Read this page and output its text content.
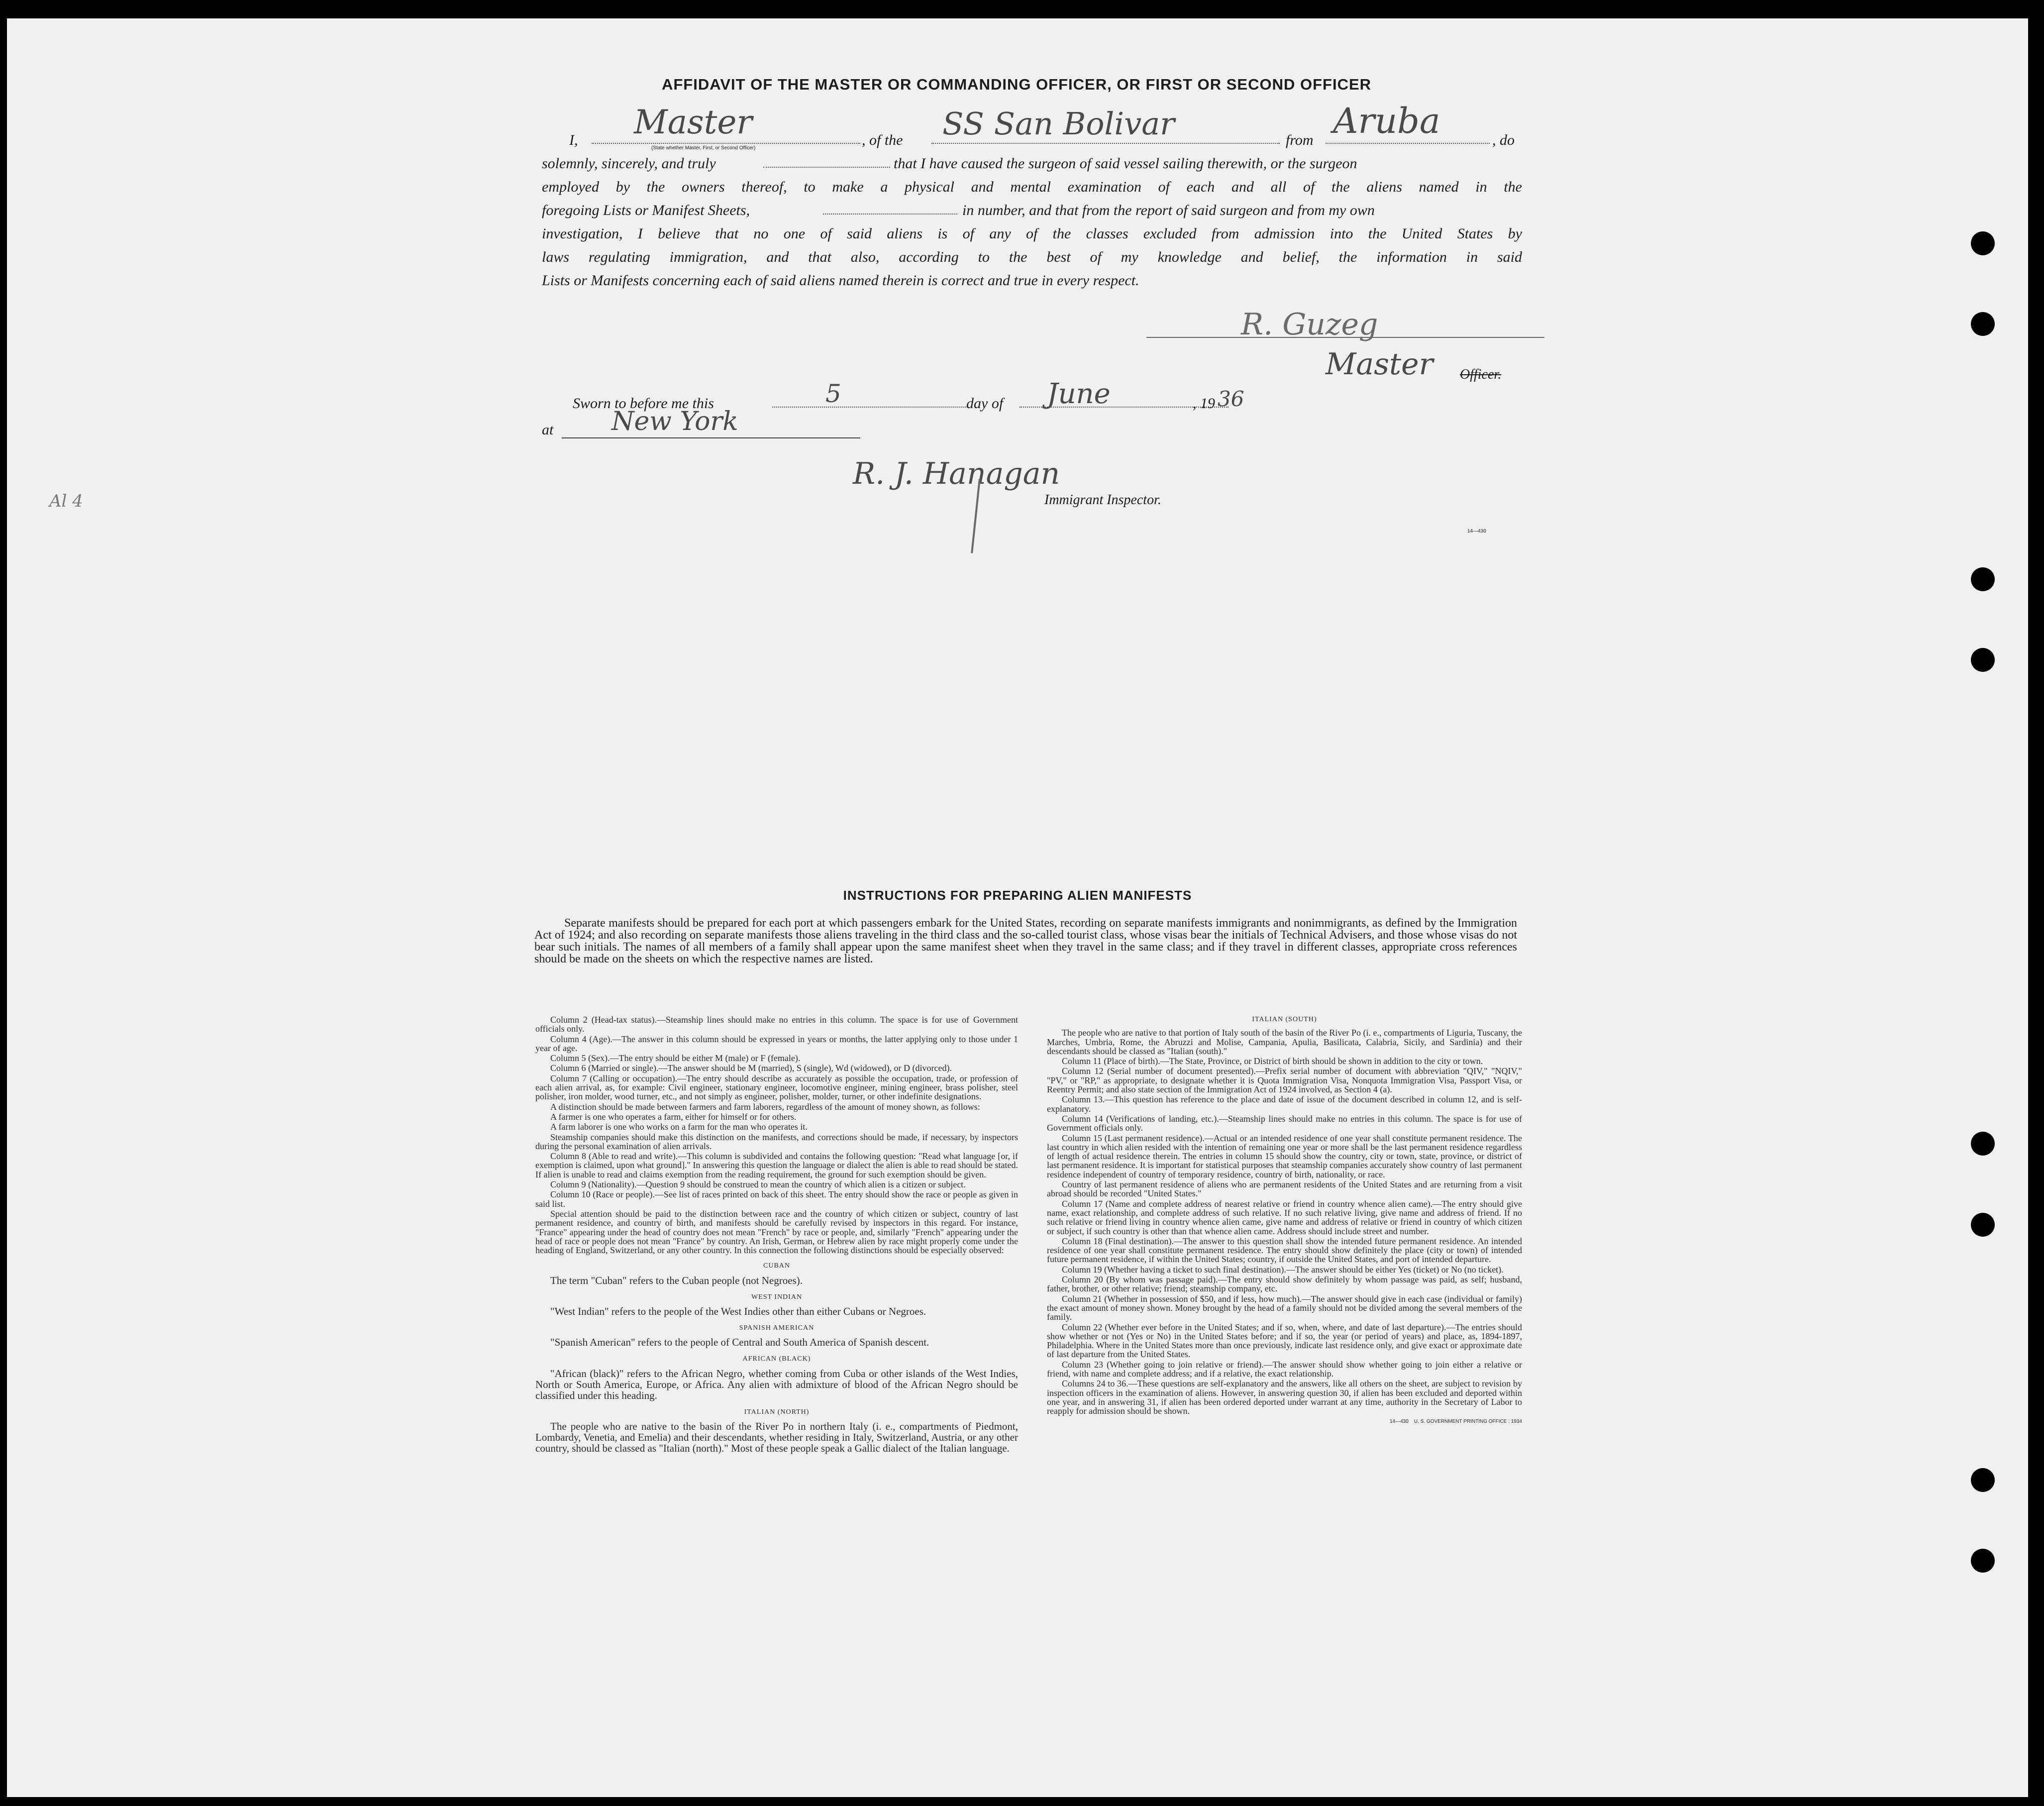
AFFIDAVIT OF THE MASTER OR COMMANDING OFFICER, OR FIRST OR SECOND OFFICER
I, Master
(State whether Master, First, or Second Officer)	, of the SS San Bolivar	from Aruba	, do
solemnly, sincerely, and truly	that I have caused the surgeon of said vessel sailing therewith, or the surgeon
employed by the owners thereof, to make a physical and mental examination of each and all of the aliens named in the
foregoing Lists or Manifest Sheets,	in number, and that from the report of said surgeon and from my own
investigation, I believe that no one of said aliens is of any of the classes excluded from admission into the United States by
laws regulating immigration, and that also, according to the best of my knowledge and belief, the information in said
Lists or Manifests concerning each of said aliens named therein is correct and true in every respect.
R. Guzeg
Master Officer.
Sworn to before me this	5	day of June	, 19 36
at New York
R. J. Hanagan
Immigrant Inspector.
14—430
Al 4
INSTRUCTIONS FOR PREPARING ALIEN MANIFESTS
Separate manifests should be prepared for each port at which passengers embark for the United States, recording on separate manifests immigrants and nonimmigrants, as defined by the Immigration Act of 1924; and also recording on separate manifests those aliens traveling in the third class and the so-called tourist class, whose visas bear the initials of Technical Advisers, and those whose visas do not bear such initials. The names of all members of a family shall appear upon the same manifest sheet when they travel in the same class; and if they travel in different classes, appropriate cross references should be made on the sheets on which the respective names are listed.

Column 2 (Head-tax status).—Steamship lines should make no entries in this column. The space is for use of Government officials only.

Column 4 (Age).—The answer in this column should be expressed in years or months, the latter applying only to those under 1 year of age.

Column 5 (Sex).—The entry should be either M (male) or F (female).

Column 6 (Married or single).—The answer should be M (married), S (single), Wd (widowed), or D (divorced).

Column 7 (Calling or occupation).—The entry should describe as accurately as possible the occupation, trade, or profession of each alien arrival, as, for example: Civil engineer, stationary engineer, locomotive engineer, mining engineer, brass polisher, steel polisher, iron molder, wood turner, etc., and not simply as engineer, polisher, molder, turner, or other indefinite designations.

A distinction should be made between farmers and farm laborers, regardless of the amount of money shown, as follows:

A farmer is one who operates a farm, either for himself or for others.

A farm laborer is one who works on a farm for the man who operates it.

Steamship companies should make this distinction on the manifests, and corrections should be made, if necessary, by inspectors during the personal examination of alien arrivals.

Column 8 (Able to read and write).—This column is subdivided and contains the following question: "Read what language [or, if exemption is claimed, upon what ground]." In answering this question the language or dialect the alien is able to read should be stated. If alien is unable to read and claims exemption from the reading requirement, the ground for such exemption should be given.

Column 9 (Nationality).—Question 9 should be construed to mean the country of which alien is a citizen or subject.

Column 10 (Race or people).—See list of races printed on back of this sheet. The entry should show the race or people as given in said list.

Special attention should be paid to the distinction between race and the country of which citizen or subject, country of last permanent residence, and country of birth, and manifests should be carefully revised by inspectors in this regard. For instance, "France" appearing under the head of country does not mean "French" by race or people, and, similarly "French" appearing under the head of race or people does not mean "France" by country. An Irish, German, or Hebrew alien by race might properly come under the heading of England, Switzerland, or any other country. In this connection the following distinctions should be especially observed:

CUBAN

The term "Cuban" refers to the Cuban people (not Negroes).

WEST INDIAN

"West Indian" refers to the people of the West Indies other than either Cubans or Negroes.

SPANISH AMERICAN

"Spanish American" refers to the people of Central and South America of Spanish descent.

AFRICAN (BLACK)

"African (black)" refers to the African Negro, whether coming from Cuba or other islands of the West Indies, North or South America, Europe, or Africa. Any alien with admixture of blood of the African Negro should be classified under this heading.

ITALIAN (NORTH)

The people who are native to the basin of the River Po in northern Italy (i. e., compartments of Piedmont, Lombardy, Venetia, and Emelia) and their descendants, whether residing in Italy, Switzerland, Austria, or any other country, should be classed as "Italian (north)." Most of these people speak a Gallic dialect of the Italian language.

ITALIAN (SOUTH)

The people who are native to that portion of Italy south of the basin of the River Po (i. e., compartments of Liguria, Tuscany, the Marches, Umbria, Rome, the Abruzzi and Molise, Campania, Apulia, Basilicata, Calabria, Sicily, and Sardinia) and their descendants should be classed as "Italian (south)."

Column 11 (Place of birth).—The State, Province, or District of birth should be shown in addition to the city or town.

Column 12 (Serial number of document presented).—Prefix serial number of document with abbreviation "QIV," "NQIV," "PV," or "RP," as appropriate, to designate whether it is Quota Immigration Visa, Nonquota Immigration Visa, Passport Visa, or Reentry Permit; and also state section of the Immigration Act of 1924 involved, as Section 4 (a).

Column 13.—This question has reference to the place and date of issue of the document described in column 12, and is self-explanatory.

Column 14 (Verifications of landing, etc.).—Steamship lines should make no entries in this column. The space is for use of Government officials only.

Column 15 (Last permanent residence).—Actual or an intended residence of one year shall constitute permanent residence. The last country in which alien resided with the intention of remaining one year or more shall be the last permanent residence regardless of length of actual residence therein. The entries in column 15 should show the country, city or town, state, province, or district of last permanent residence. It is important for statistical purposes that steamship companies accurately show country of last permanent residence independent of country of temporary residence, country of birth, nationality, or race.

Country of last permanent residence of aliens who are permanent residents of the United States and are returning from a visit abroad should be recorded "United States."

Column 17 (Name and complete address of nearest relative or friend in country whence alien came).—The entry should give name, exact relationship, and complete address of such relative. If no such relative living, give name and address of friend. If no such relative or friend living in country whence alien came, give name and address of relative or friend in country of which citizen or subject, if such country is other than that whence alien came. Address should include street and number.

Column 18 (Final destination).—The answer to this question shall show the intended future permanent residence. An intended residence of one year shall constitute permanent residence. The entry should show definitely the place (city or town) of intended future permanent residence, if within the United States; country, if outside the United States, and port of intended departure.

Column 19 (Whether having a ticket to such final destination).—The answer should be either Yes (ticket) or No (no ticket).

Column 20 (By whom was passage paid).—The entry should show definitely by whom passage was paid, as self; husband, father, brother, or other relative; friend; steamship company, etc.

Column 21 (Whether in possession of $50, and if less, how much).—The answer should give in each case (individual or family) the exact amount of money shown. Money brought by the head of a family should not be divided among the several members of the family.

Column 22 (Whether ever before in the United States; and if so, when, where, and date of last departure).—The entries should show whether or not (Yes or No) in the United States before; and if so, the year (or period of years) and place, as, 1894-1897, Philadelphia. Where in the United States more than once previously, indicate last residence only, and give exact or approximate date of last departure from the United States.

Column 23 (Whether going to join relative or friend).—The answer should show whether going to join either a relative or friend, with name and complete address; and if a relative, the exact relationship.

Columns 24 to 36.—These questions are self-explanatory and the answers, like all others on the sheet, are subject to revision by inspection officers in the examination of aliens. However, in answering question 30, if alien has been excluded and deported within one year, and in answering 31, if alien has been ordered deported under warrant at any time, authority in the Secretary of Labor to reapply for admission should be shown.

14—430 U. S. GOVERNMENT PRINTING OFFICE : 1934
